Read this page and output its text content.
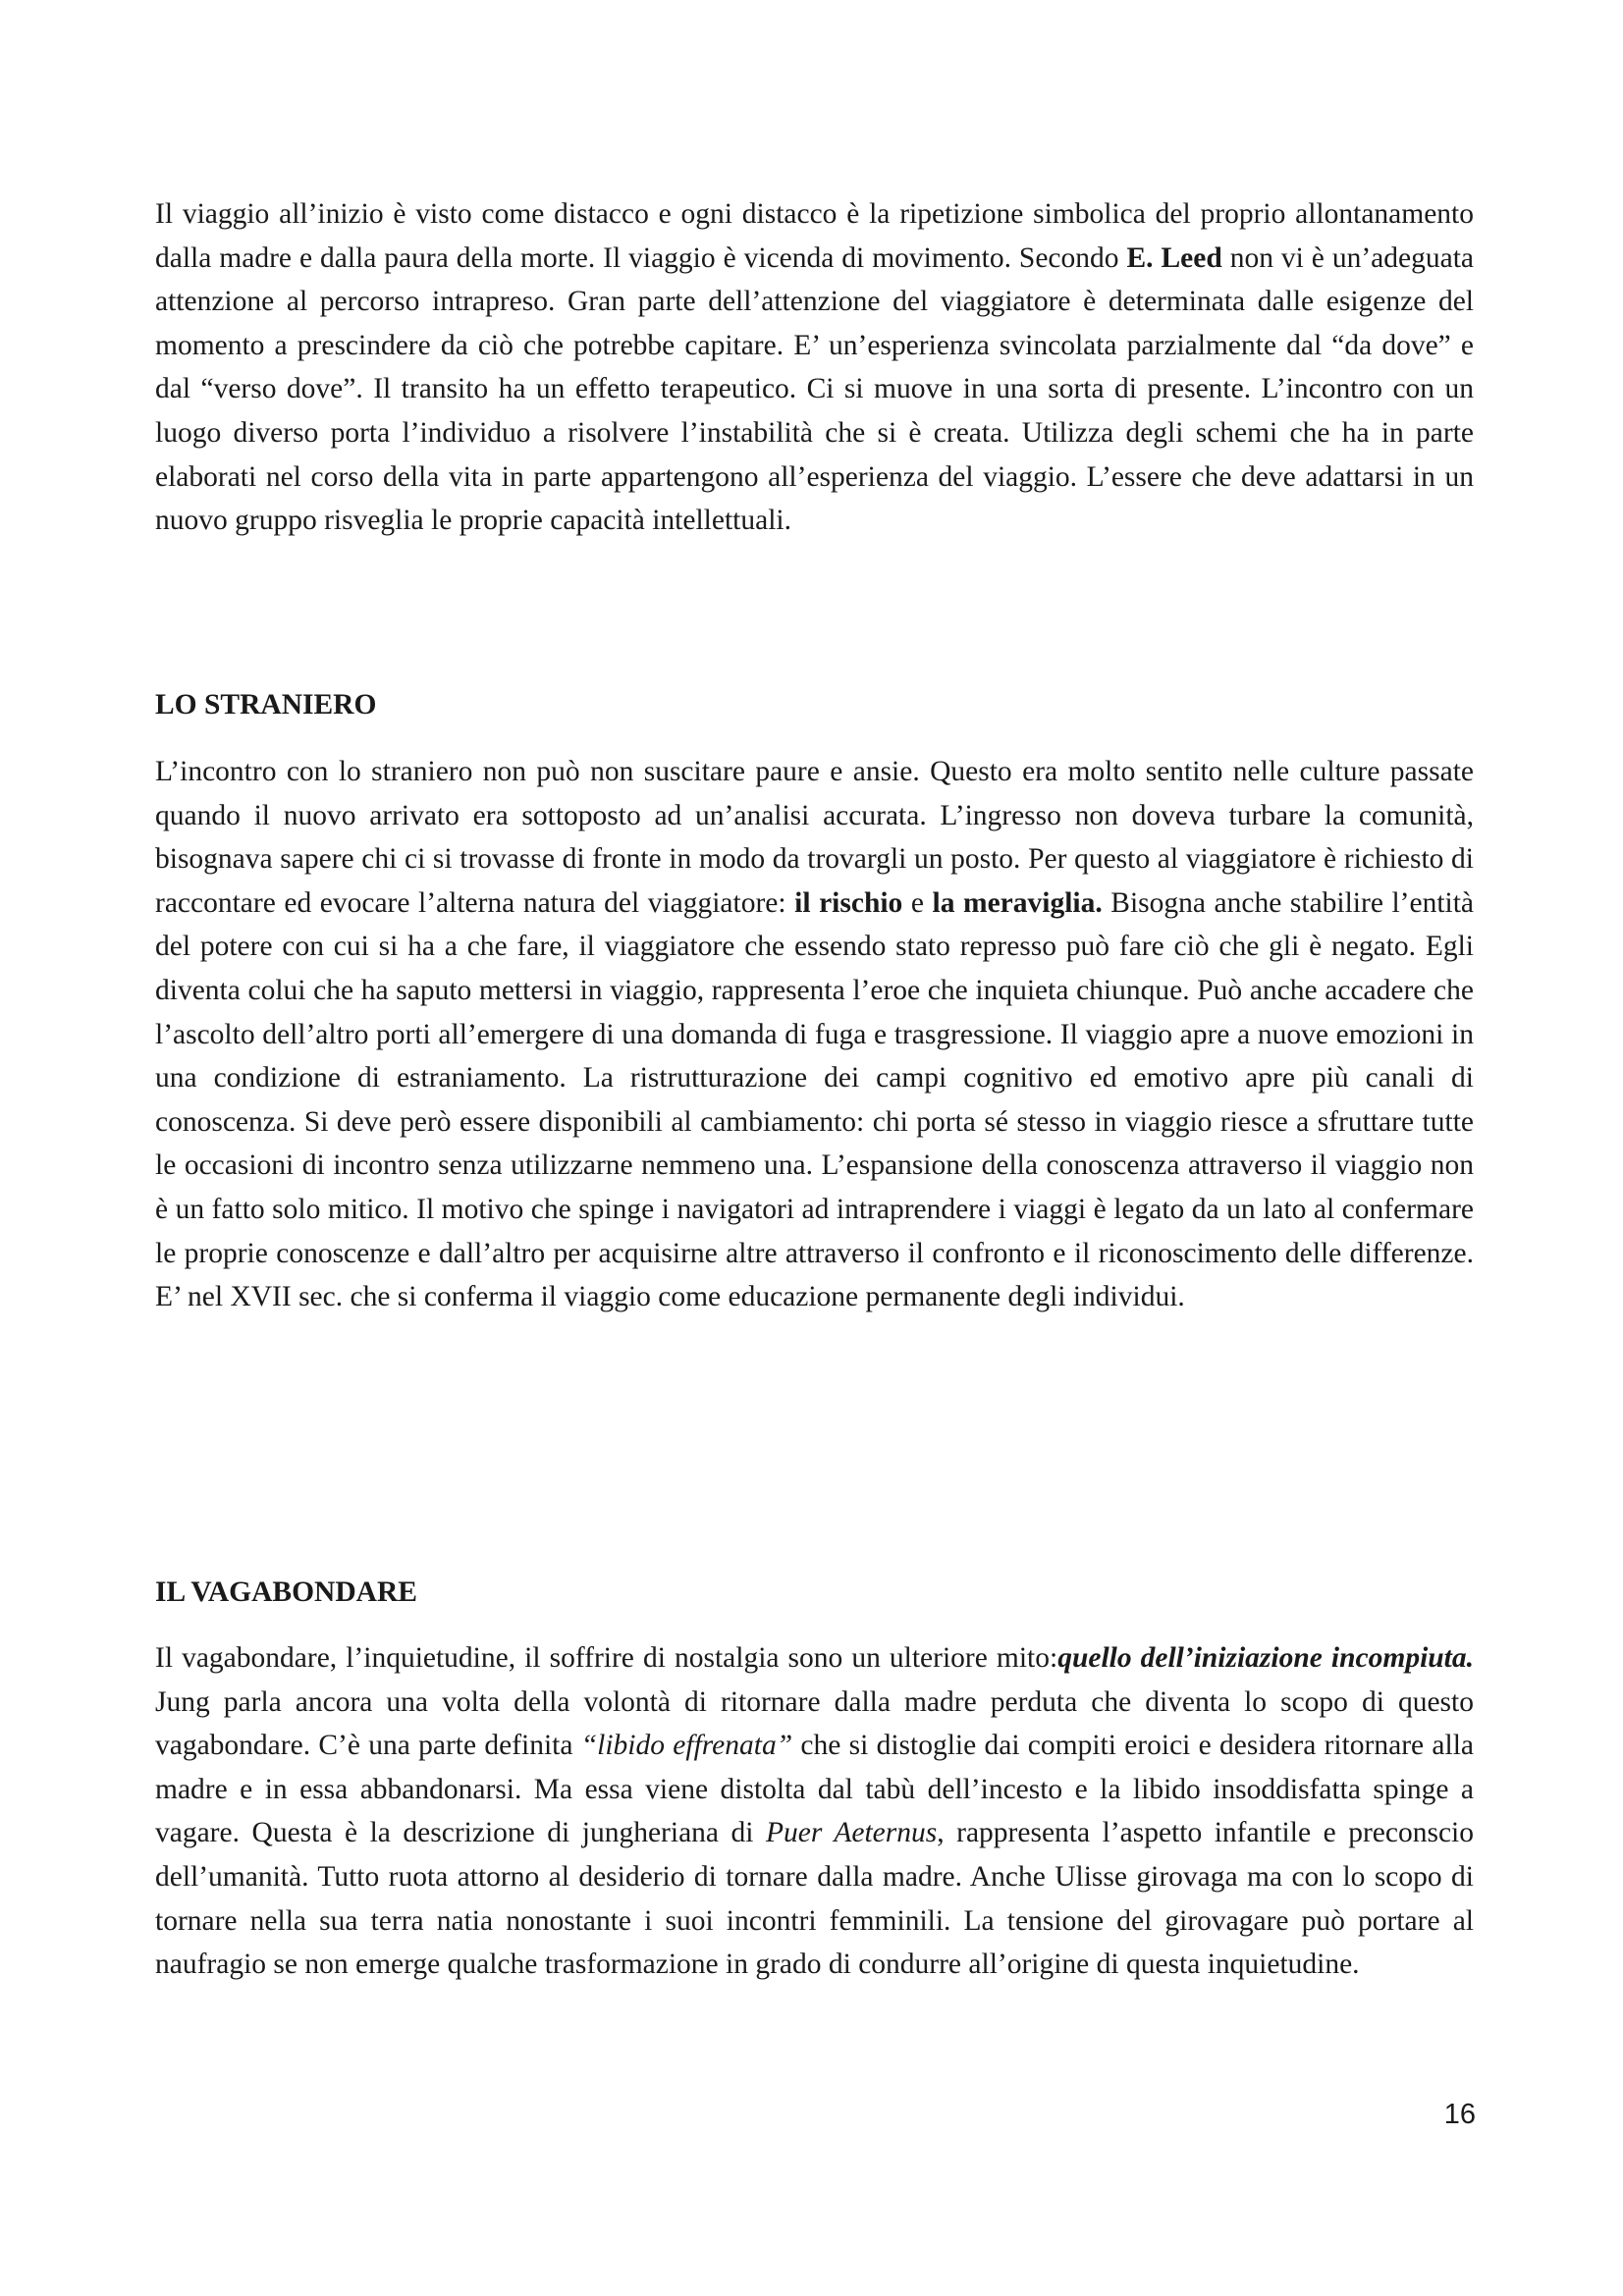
Il viaggio all’inizio è visto come distacco e ogni distacco è la ripetizione simbolica del proprio allontanamento dalla madre e dalla paura della morte. Il viaggio è vicenda di movimento. Secondo E. Leed non vi è un’adeguata attenzione al percorso intrapreso. Gran parte dell’attenzione del viaggiatore è determinata dalle esigenze del momento a prescindere da ciò che potrebbe capitare. E’ un’esperienza svincolata parzialmente dal “da dove” e dal “verso dove”. Il transito ha un effetto terapeutico. Ci si muove in una sorta di presente. L’incontro con un luogo diverso porta l’individuo a risolvere l’instabilità che si è creata. Utilizza degli schemi che ha in parte elaborati nel corso della vita in parte appartengono all’esperienza del viaggio. L’essere che deve adattarsi in un nuovo gruppo risveglia le proprie capacità intellettuali.

LO STRANIERO

L’incontro con lo straniero non può non suscitare paure e ansie. Questo era molto sentito nelle culture passate quando il nuovo arrivato era sottoposto ad un’analisi accurata. L’ingresso non doveva turbare la comunità, bisognava sapere chi ci si trovasse di fronte in modo da trovargli un posto. Per questo al viaggiatore è richiesto di raccontare ed evocare l’alterna natura del viaggiatore: il rischio e la meraviglia. Bisogna anche stabilire l’entità del potere con cui si ha a che fare, il viaggiatore che essendo stato represso può fare ciò che gli è negato. Egli diventa colui che ha saputo mettersi in viaggio, rappresenta l’eroe che inquieta chiunque. Può anche accadere che l’ascolto dell’altro porti all’emergere di una domanda di fuga e trasgressione. Il viaggio apre a nuove emozioni in una condizione di estraniamento. La ristrutturazione dei campi cognitivo ed emotivo apre più canali di conoscenza. Si deve però essere disponibili al cambiamento: chi porta sé stesso in viaggio riesce a sfruttare tutte le occasioni di incontro senza utilizzarne nemmeno una. L’espansione della conoscenza attraverso il viaggio non è un fatto solo mitico. Il motivo che spinge i navigatori ad intraprendere i viaggi è legato da un lato al confermare le proprie conoscenze e dall’altro per acquisirne altre attraverso il confronto e il riconoscimento delle differenze. E’ nel XVII sec. che si conferma il viaggio come educazione permanente degli individui.

IL VAGABONDARE

Il vagabondare, l’inquietudine, il soffrire di nostalgia sono un ulteriore mito:quello dell’iniziazione incompiuta. Jung parla ancora una volta della volontà di ritornare dalla madre perduta che diventa lo scopo di questo vagabondare. C’è una parte definita “libido effrenata” che si distoglie dai compiti eroici e desidera ritornare alla madre e in essa abbandonarsi. Ma essa viene distolta dal tabù dell’incesto e la libido insoddisfatta spinge a vagare. Questa è la descrizione di jungheriana di Puer Aeternus, rappresenta l’aspetto infantile e preconscio dell’umanità. Tutto ruota attorno al desiderio di tornare dalla madre. Anche Ulisse girovaga ma con lo scopo di tornare nella sua terra natia nonostante i suoi incontri femminili. La tensione del girovagare può portare al naufragio se non emerge qualche trasformazione in grado di condurre all’origine di questa inquietudine.

16
